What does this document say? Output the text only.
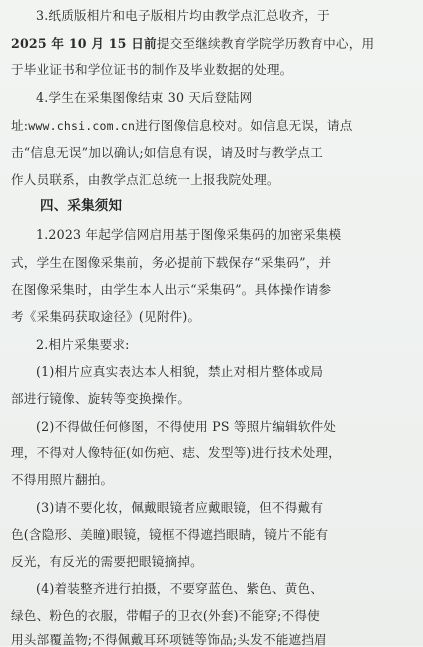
3.纸质版相片和电子版相片均由教学点汇总收齐，于
2025 年 10 月 15 日前提交至继续教育学院学历教育中心，用
于毕业证书和学位证书的制作及毕业数据的处理。
4.学生在采集图像结束 30 天后登陆网
址:www.chsi.com.cn进行图像信息校对。如信息无误，请点
击“信息无误”加以确认;如信息有误，请及时与教学点工
作人员联系，由教学点汇总统一上报我院处理。
四、采集须知
1.2023 年起学信网启用基于图像采集码的加密采集模
式，学生在图像采集前，务必提前下载保存“采集码”，并
在图像采集时，由学生本人出示“采集码”。具体操作请参
考《采集码获取途径》(见附件)。
2.相片采集要求:
(1)相片应真实表达本人相貌，禁止对相片整体或局
部进行镜像、旋转等变换操作。
(2)不得做任何修图，不得使用 PS 等照片编辑软件处
理，不得对人像特征(如伤疤、痣、发型等)进行技术处理，
不得用照片翻拍。
(3)请不要化妆，佩戴眼镜者应戴眼镜，但不得戴有
色(含隐形、美瞳)眼镜，镜框不得遮挡眼睛，镜片不能有
反光，有反光的需要把眼镜摘掉。
(4)着装整齐进行拍摄，不要穿蓝色、紫色、黄色、
绿色、粉色的衣服，带帽子的卫衣(外套)不能穿;不得使
用头部覆盖物;不得佩戴耳环项链等饰品;头发不能遮挡眉
